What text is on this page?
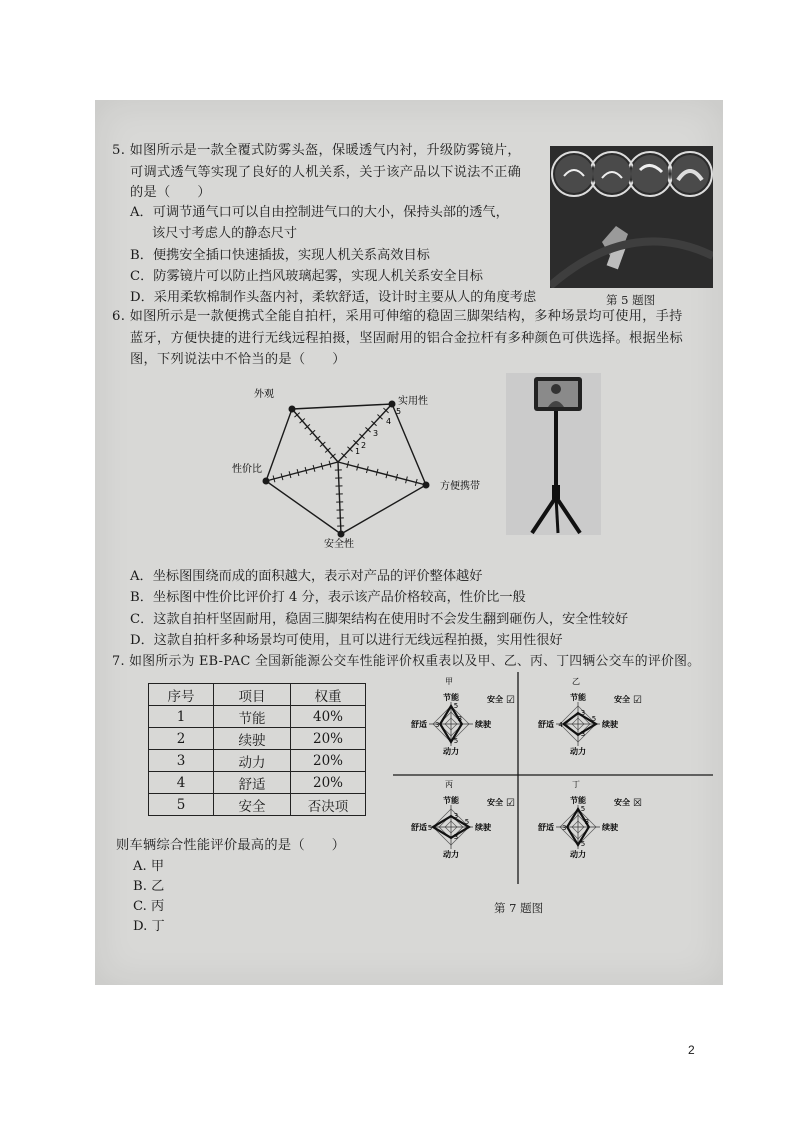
5. 如图所示是一款全覆式防雾头盔，保暖透气内衬，升级防雾镜片，
可调式透气等实现了良好的人机关系，关于该产品以下说法不正确
的是（　　）
A．可调节通气口可以自由控制进气口的大小，保持头部的透气，
该尺寸考虑人的静态尺寸
B．便携安全插口快速插拔，实现人机关系高效目标
C．防雾镜片可以防止挡风玻璃起雾，实现人机关系安全目标
D．采用柔软棉制作头盔内衬，柔软舒适，设计时主要从人的角度考虑	第 5 题图
6. 如图所示是一款便携式全能自拍杆，采用可伸缩的稳固三脚架结构，多种场景均可使用，手持
蓝牙，方便快捷的进行无线远程拍摄，坚固耐用的铝合金拉杆有多种颜色可供选择。根据坐标
图，下列说法中不恰当的是（　　）
外观
实用性
方便携带
安全性
性价比
1
2
3
4
5
A．坐标图围绕而成的面积越大，表示对产品的评价整体越好
B．坐标图中性价比评价打 4 分，表示该产品价格较高，性价比一般
C．这款自拍杆坚固耐用，稳固三脚架结构在使用时不会发生翻到砸伤人，安全性较好
D．这款自拍杆多种场景均可使用，且可以进行无线远程拍摄，实用性很好
7. 如图所示为 EB-PAC 全国新能源公交车性能评价权重表以及甲、乙、丙、丁四辆公交车的评价图。
序号	项目	权重
1	节能	40%
2	续驶	20%
3	动力	20%
4	舒适	20%
5	安全	否决项
则车辆综合性能评价最高的是（　　）
A. 甲
B. 乙
C. 丙
D. 丁
5
3
5
3
节能
续驶
动力
舒适
甲
安全 ☑
3
5
3
4
节能
续驶
动力
舒适
乙
安全 ☑
3
5
3
5
节能
续驶
动力
舒适
丙
安全 ☑	5
3
5
3
节能
续驶
动力
舒适
丁
安全 ☒
第 7 题图
2
